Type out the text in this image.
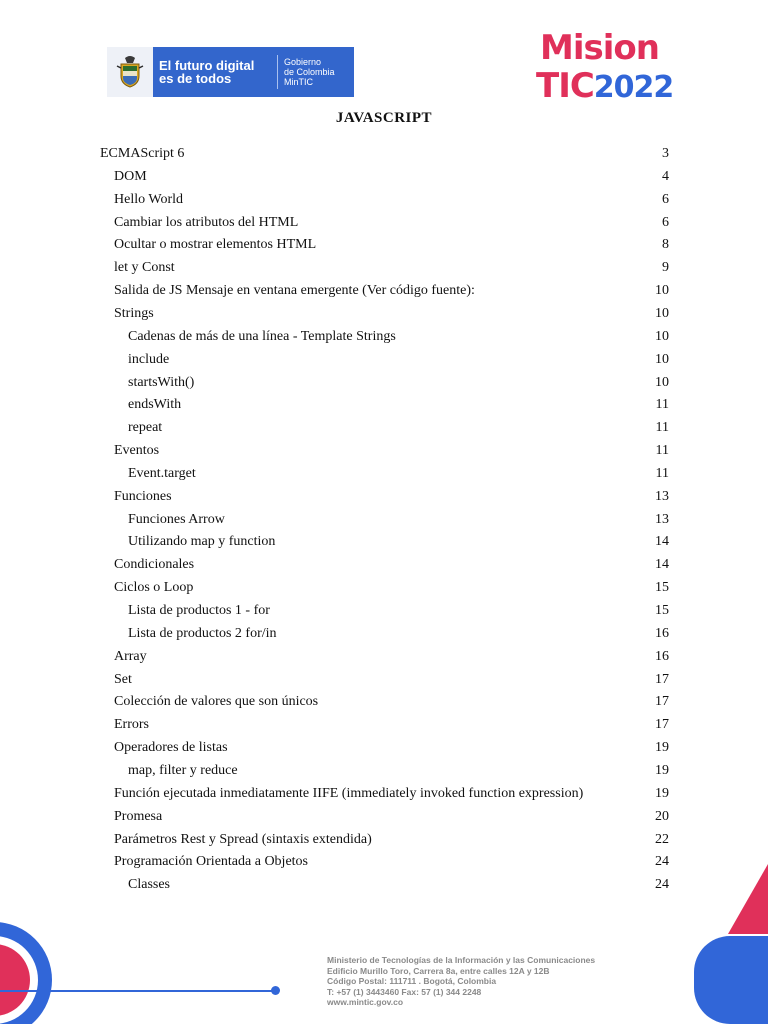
El futuro digital
es de todos
Gobierno
de Colombia
MinTIC
Mision
TIC2022
JAVASCRIPT
ECMAScript 6	3
DOM	4
Hello World	6
Cambiar los atributos del HTML	6
Ocultar o mostrar elementos HTML	8
let y Const	9
Salida de JS Mensaje en ventana emergente (Ver código fuente):	10
Strings	10
Cadenas de más de una línea - Template Strings	10
include	10
startsWith()	10
endsWith	11
repeat	11
Eventos	11
Event.target	11
Funciones	13
Funciones Arrow	13
Utilizando map y function	14
Condicionales	14
Ciclos o Loop	15
Lista de productos 1 - for	15
Lista de productos 2 for/in	16
Array	16
Set	17
Colección de valores que son únicos	17
Errors	17
Operadores de listas	19
map, filter y reduce	19
Función ejecutada inmediatamente IIFE (immediately invoked function expression)	19
Promesa	20
Parámetros Rest y Spread (sintaxis extendida)	22
Programación Orientada a Objetos	24
Classes	24
Ministerio de Tecnologías de la Información y las Comunicaciones
Edificio Murillo Toro, Carrera 8a, entre calles 12A y 12B
Código Postal: 111711 . Bogotá, Colombia
T: +57 (1) 3443460 Fax: 57 (1) 344 2248
www.mintic.gov.co
